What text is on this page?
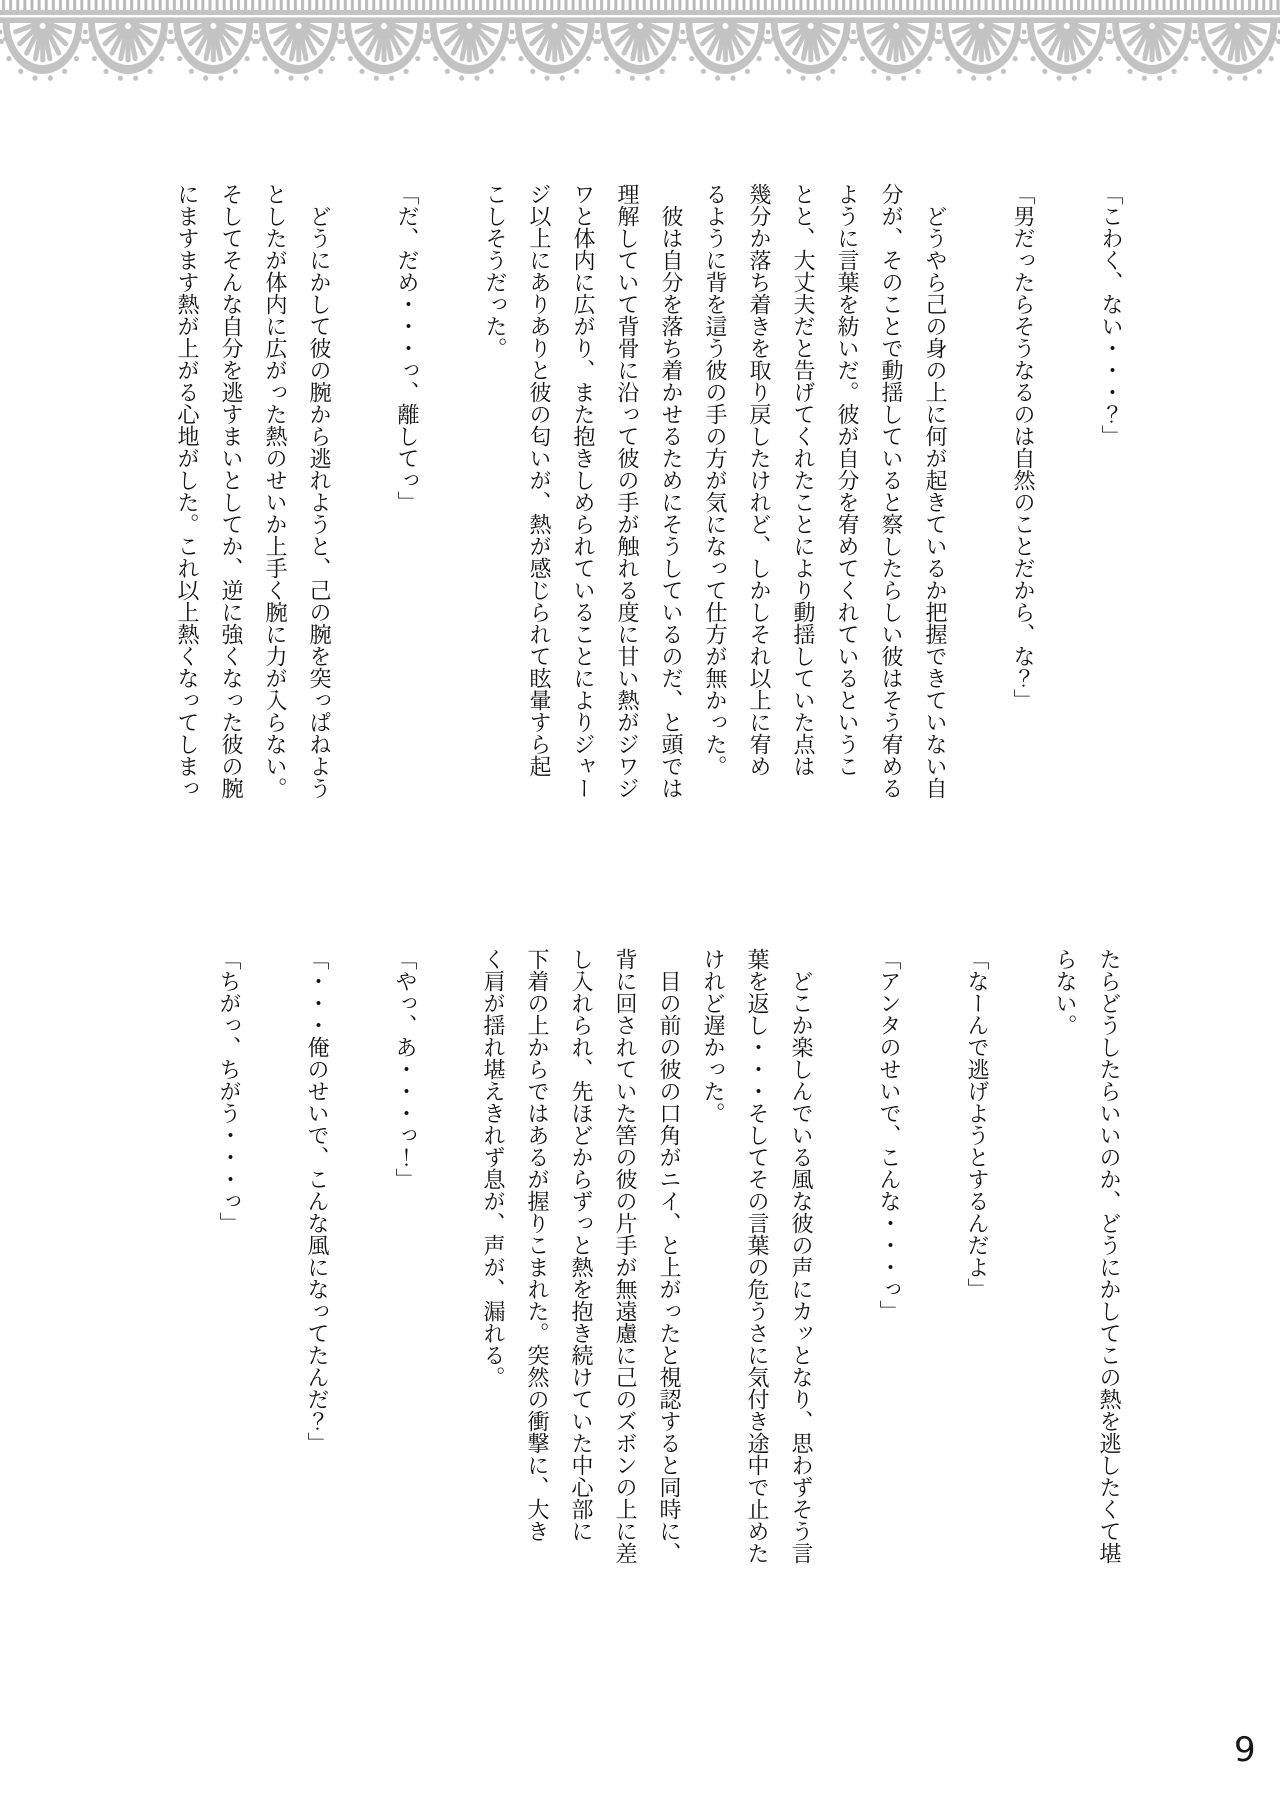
「こわく、ない・・・？」

「男だったらそうなるのは自然のことだから、な？」

　どうやら己の身の上に何が起きているか把握できていない自

分が、そのことで動揺していると察したらしい彼はそう宥める

ように言葉を紡いだ。彼が自分を宥めてくれているというこ

とと、大丈夫だと告げてくれたことにより動揺していた点は

幾分か落ち着きを取り戻したけれど、しかしそれ以上に宥め

るように背を這う彼の手の方が気になって仕方が無かった。

　彼は自分を落ち着かせるためにそうしているのだ、と頭では

理解していて背骨に沿って彼の手が触れる度に甘い熱がジワジ

ワと体内に広がり、また抱きしめられていることによりジャー

ジ以上にありありと彼の匂いが、熱が感じられて眩暈すら起

こしそうだった。

「だ、だめ・・・っ、離してっ」

　どうにかして彼の腕から逃れようと、己の腕を突っぱねよう

としたが体内に広がった熱のせいか上手く腕に力が入らない。

そしてそんな自分を逃すまいとしてか、逆に強くなった彼の腕

にますます熱が上がる心地がした。これ以上熱くなってしまっ

たらどうしたらいいのか、どうにかしてこの熱を逃したくて堪

らない。

「なーんで逃げようとするんだよ」

「アンタのせいで、こんな・・・っ」

　どこか楽しんでいる風な彼の声にカッとなり、思わずそう言

葉を返し・・・そしてその言葉の危うさに気付き途中で止めた

けれど遅かった。

　目の前の彼の口角がニイ、と上がったと視認すると同時に、

背に回されていた筈の彼の片手が無遠慮に己のズボンの上に差

し入れられ、先ほどからずっと熱を抱き続けていた中心部に

下着の上からではあるが握りこまれた。突然の衝撃に、大き

く肩が揺れ堪えきれず息が、声が、漏れる。

「やっ、あ・・・っ！」

「・・・俺のせいで、こんな風になってたんだ？」

「ちがっ、ちがう・・・っ」

9
